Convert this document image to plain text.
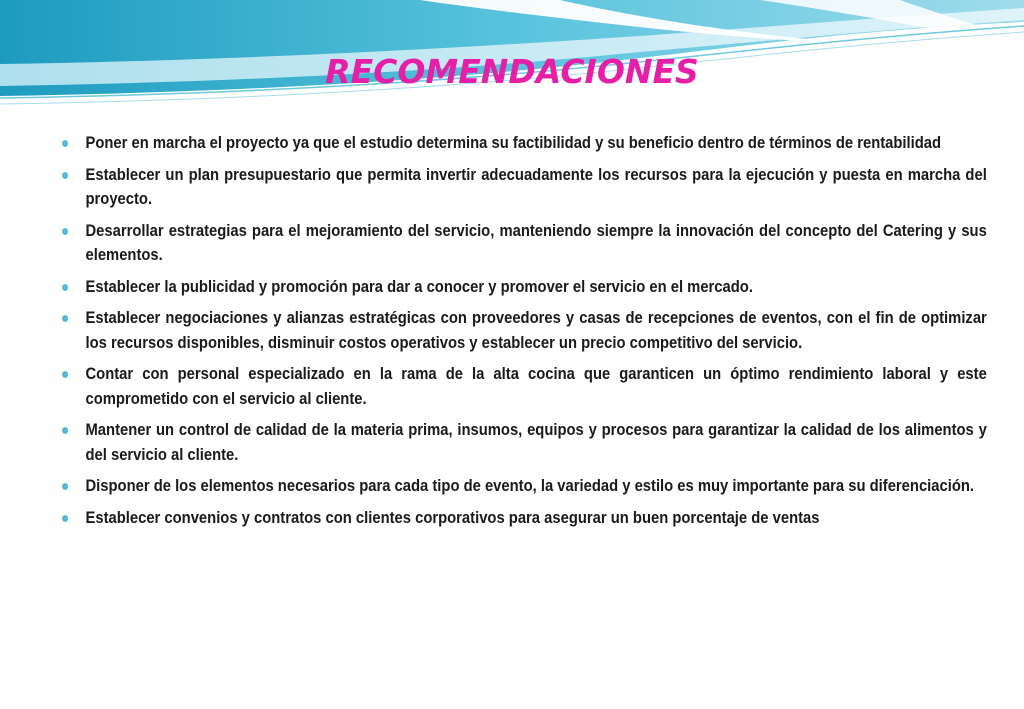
RECOMENDACIONES
Poner en marcha el proyecto ya que el estudio determina su factibilidad y su beneficio dentro de términos de rentabilidad
Establecer un plan presupuestario que permita invertir adecuadamente los recursos para la ejecución y puesta en marcha del proyecto.
Desarrollar estrategias para el mejoramiento del servicio, manteniendo siempre la innovación del concepto del Catering y sus elementos.
Establecer la publicidad y promoción para dar a conocer y promover el servicio en el mercado.
Establecer negociaciones y alianzas estratégicas con proveedores y casas de recepciones de eventos, con el fin de optimizar los recursos disponibles, disminuir costos operativos y establecer un precio competitivo del servicio.
Contar con personal especializado en la rama de la alta cocina que garanticen un óptimo rendimiento laboral y este comprometido con el servicio al cliente.
Mantener un control de calidad de la materia prima, insumos, equipos y procesos para garantizar la calidad de los alimentos y del servicio al cliente.
Disponer de los elementos necesarios para cada tipo de evento, la variedad y estilo es muy importante para su diferenciación.
Establecer convenios y contratos con clientes corporativos para asegurar un buen porcentaje de ventas
